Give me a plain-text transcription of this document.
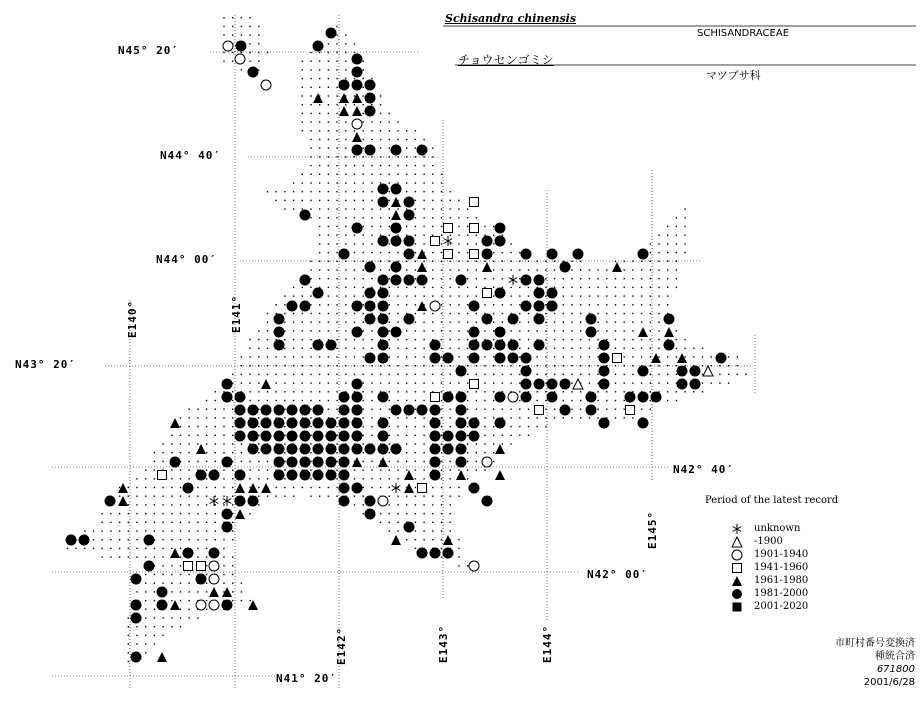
Schisandra chinensis
SCHISANDRACEAE
チョウセンゴミシ
マツブサ科
N45° 20′
N44° 40′
N44° 00′
N43° 20′
N42° 40′
N42° 00′
N41° 20′
E140°	E141°
E142°	E143°	E144°
E145°
Period of the latest record
unknown
-1900
1901-1940
1941-1960
1961-1980
1981-2000
2001-2020
市町村番号変換済
種統合済
671800
2001/6/28
